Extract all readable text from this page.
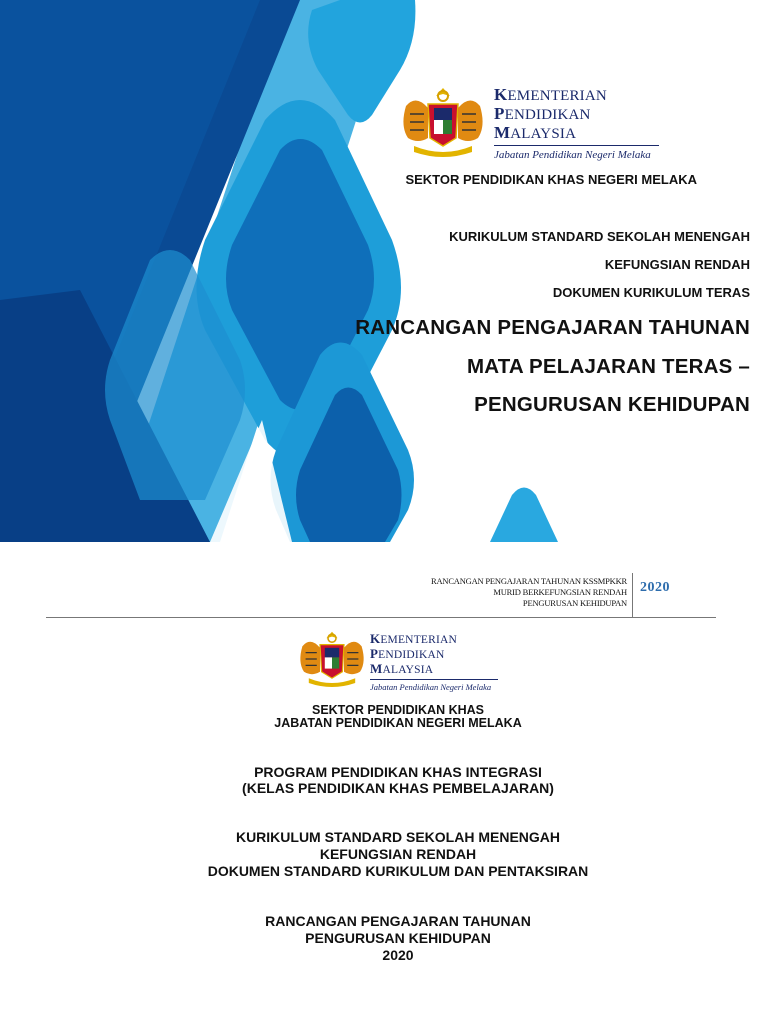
KEMENTERIAN
PENDIDIKAN
MALAYSIA
Jabatan Pendidikan Negeri Melaka
SEKTOR PENDIDIKAN KHAS NEGERI MELAKA
KURIKULUM STANDARD SEKOLAH MENENGAH
KEFUNGSIAN RENDAH
DOKUMEN KURIKULUM TERAS
RANCANGAN PENGAJARAN TAHUNAN
MATA PELAJARAN TERAS –
PENGURUSAN KEHIDUPAN
RANCANGAN PENGAJARAN TAHUNAN KSSMPKKR
MURID BERKEFUNGSIAN RENDAH
PENGURUSAN KEHIDUPAN
2020
KEMENTERIAN
PENDIDIKAN
MALAYSIA
Jabatan Pendidikan Negeri Melaka
SEKTOR PENDIDIKAN KHAS
JABATAN PENDIDIKAN NEGERI MELAKA
PROGRAM PENDIDIKAN KHAS INTEGRASI
(KELAS PENDIDIKAN KHAS PEMBELAJARAN)
KURIKULUM STANDARD SEKOLAH MENENGAH
KEFUNGSIAN RENDAH
DOKUMEN STANDARD KURIKULUM DAN PENTAKSIRAN
RANCANGAN PENGAJARAN TAHUNAN
PENGURUSAN KEHIDUPAN
2020
